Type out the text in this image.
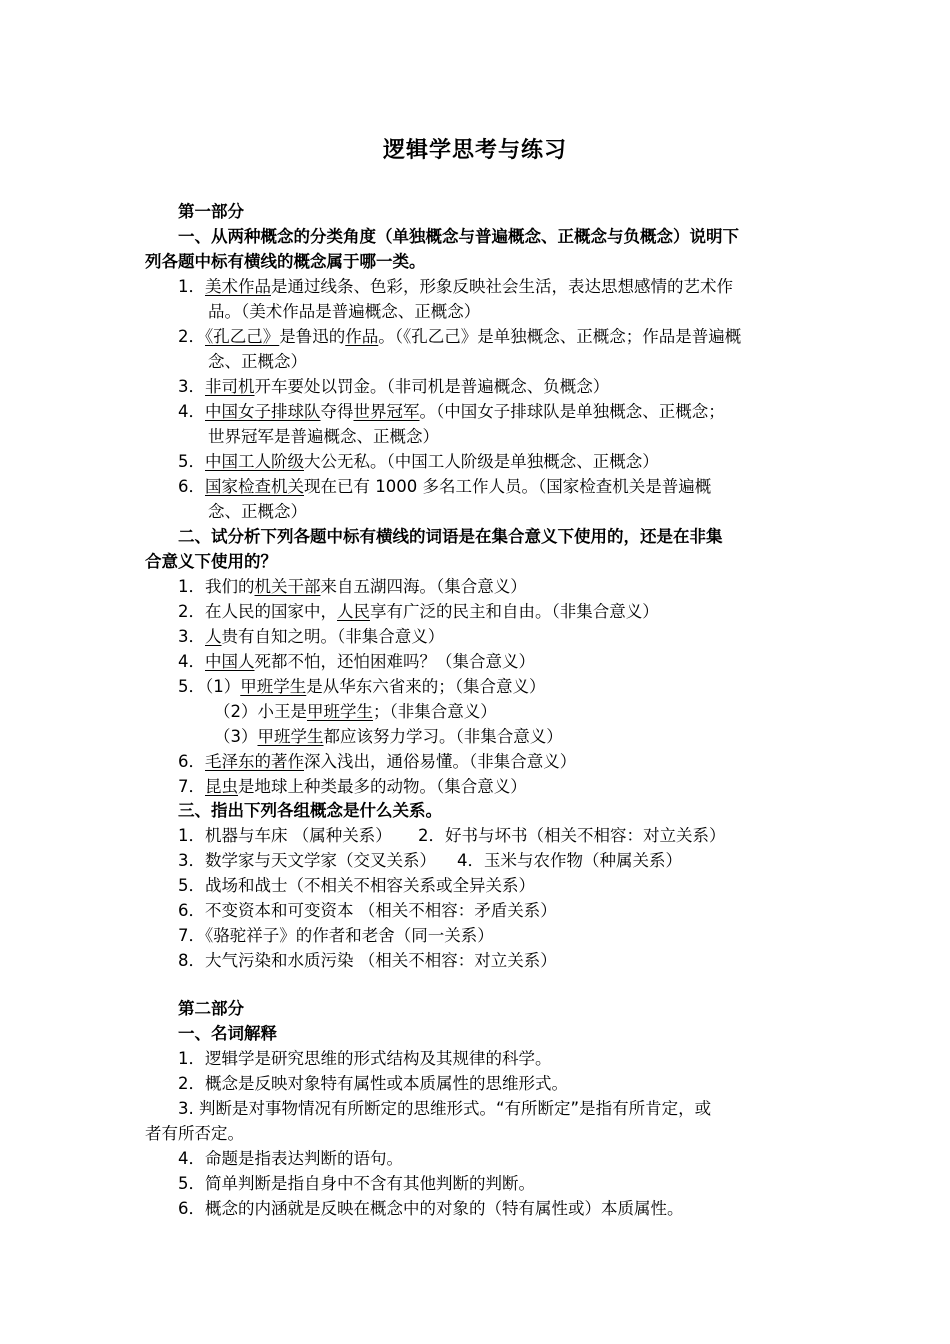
逻辑学思考与练习
第一部分
一、从两种概念的分类角度（单独概念与普遍概念、正概念与负概念）说明下
列各题中标有横线的概念属于哪一类。
1．美术作品是通过线条、色彩，形象反映社会生活，表达思想感情的艺术作
品。（美术作品是普遍概念、正概念）
2．《孔乙己》是鲁迅的作品。（《孔乙己》是单独概念、正概念；作品是普遍概
念、正概念）
3．非司机开车要处以罚金。（非司机是普遍概念、负概念）
4．中国女子排球队夺得世界冠军。（中国女子排球队是单独概念、正概念；
世界冠军是普遍概念、正概念）
5．中国工人阶级大公无私。（中国工人阶级是单独概念、正概念）
6．国家检查机关现在已有 1000 多名工作人员。（国家检查机关是普遍概
念、正概念）
二、试分析下列各题中标有横线的词语是在集合意义下使用的，还是在非集
合意义下使用的？
1．我们的机关干部来自五湖四海。（集合意义）
2．在人民的国家中，人民享有广泛的民主和自由。（非集合意义）
3．人贵有自知之明。（非集合意义）
4．中国人死都不怕，还怕困难吗？（集合意义）
5．（1）甲班学生是从华东六省来的；（集合意义）
（2）小王是甲班学生；（非集合意义）
（3）甲班学生都应该努力学习。（非集合意义）
6．毛泽东的著作深入浅出，通俗易懂。（非集合意义）
7．昆虫是地球上种类最多的动物。（集合意义）
三、指出下列各组概念是什么关系。
1．机器与车床 （属种关系）     2．好书与坏书（相关不相容：对立关系）
3．数学家与天文学家（交叉关系）    4．玉米与农作物（种属关系）
5．战场和战士（不相关不相容关系或全异关系）
6．不变资本和可变资本 （相关不相容：矛盾关系）
7．《骆驼祥子》的作者和老舍（同一关系）
8．大气污染和水质污染 （相关不相容：对立关系）
第二部分
一、名词解释
1．逻辑学是研究思维的形式结构及其规律的科学。
2．概念是反映对象特有属性或本质属性的思维形式。
3. 判断是对事物情况有所断定的思维形式。“有所断定”是指有所肯定，或
者有所否定。
4．命题是指表达判断的语句。
5．简单判断是指自身中不含有其他判断的判断。
6．概念的内涵就是反映在概念中的对象的（特有属性或）本质属性。
